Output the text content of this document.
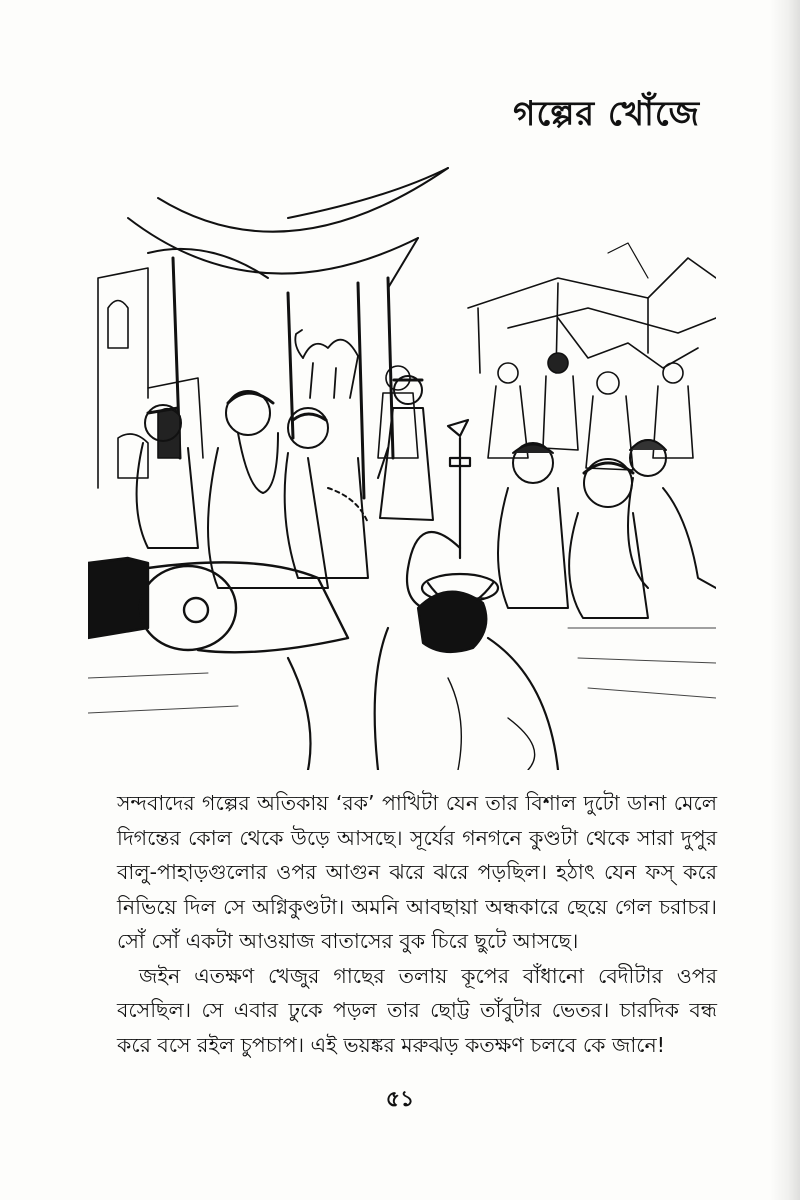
গল্পের খোঁজে

সন্দবাদের গল্পের অতিকায় ‘রক’ পাখিটা যেন তার বিশাল দুটো ডানা মেলে দিগন্তের কোল থেকে উড়ে আসছে। সূর্যের গনগনে কুণ্ডটা থেকে সারা দুপুর বালু-পাহাড়গুলোর ওপর আগুন ঝরে ঝরে পড়ছিল। হঠাৎ যেন ফস্ করে নিভিয়ে দিল সে অগ্নিকুণ্ডটা। অমনি আবছায়া অন্ধকারে ছেয়ে গেল চরাচর। সোঁ সোঁ একটা আওয়াজ বাতাসের বুক চিরে ছুটে আসছে।

জইন এতক্ষণ খেজুর গাছের তলায় কূপের বাঁধানো বেদীটার ওপর বসেছিল। সে এবার ঢুকে পড়ল তার ছোট্ট তাঁবুটার ভেতর। চারদিক বন্ধ করে বসে রইল চুপচাপ। এই ভয়ঙ্কর মরুঝড় কতক্ষণ চলবে কে জানে!

৫১
